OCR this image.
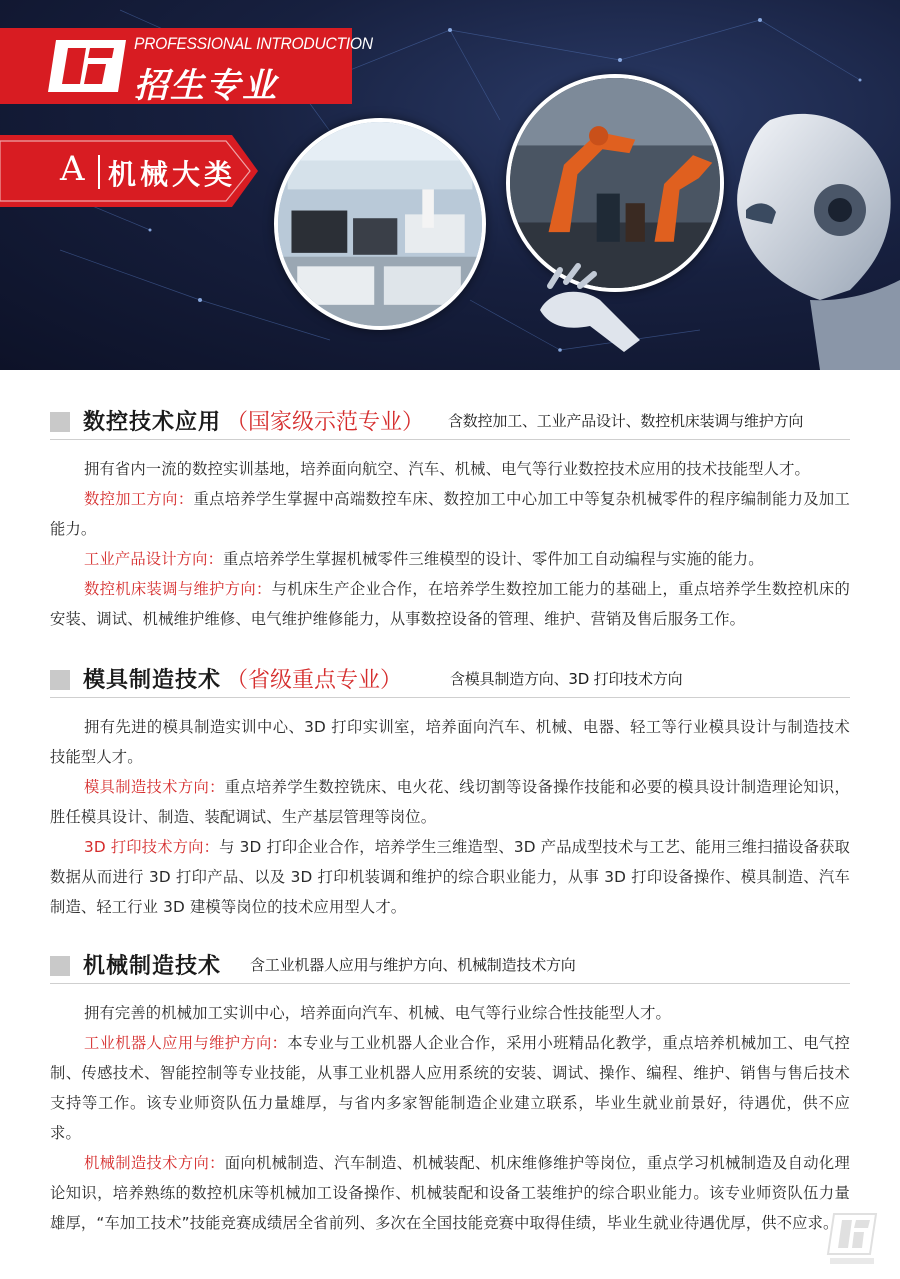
PROFESSIONAL INTRODUCTION
招生专业
A 机械大类
数控技术应用 （国家级示范专业） 含数控加工、工业产品设计、数控机床装调与维护方向

拥有省内一流的数控实训基地，培养面向航空、汽车、机械、电气等行业数控技术应用的技术技能型人才。

数控加工方向：重点培养学生掌握中高端数控车床、数控加工中心加工中等复杂机械零件的程序编制能力及加工能力。

工业产品设计方向：重点培养学生掌握机械零件三维模型的设计、零件加工自动编程与实施的能力。

数控机床装调与维护方向：与机床生产企业合作，在培养学生数控加工能力的基础上，重点培养学生数控机床的安装、调试、机械维护维修、电气维护维修能力，从事数控设备的管理、维护、营销及售后服务工作。

模具制造技术 （省级重点专业）	含模具制造方向、3D 打印技术方向

拥有先进的模具制造实训中心、3D 打印实训室，培养面向汽车、机械、电器、轻工等行业模具设计与制造技术技能型人才。

模具制造技术方向：重点培养学生数控铣床、电火花、线切割等设备操作技能和必要的模具设计制造理论知识，胜任模具设计、制造、装配调试、生产基层管理等岗位。

3D 打印技术方向：与 3D 打印企业合作，培养学生三维造型、3D 产品成型技术与工艺、能用三维扫描设备获取数据从而进行 3D 打印产品、以及 3D 打印机装调和维护的综合职业能力，从事 3D 打印设备操作、模具制造、汽车制造、轻工行业 3D 建模等岗位的技术应用型人才。

机械制造技术 含工业机器人应用与维护方向、机械制造技术方向

拥有完善的机械加工实训中心，培养面向汽车、机械、电气等行业综合性技能型人才。

工业机器人应用与维护方向：本专业与工业机器人企业合作，采用小班精品化教学，重点培养机械加工、电气控制、传感技术、智能控制等专业技能，从事工业机器人应用系统的安装、调试、操作、编程、维护、销售与售后技术支持等工作。该专业师资队伍力量雄厚，与省内多家智能制造企业建立联系，毕业生就业前景好，待遇优，供不应求。

机械制造技术方向：面向机械制造、汽车制造、机械装配、机床维修维护等岗位，重点学习机械制造及自动化理论知识，培养熟练的数控机床等机械加工设备操作、机械装配和设备工装维护的综合职业能力。该专业师资队伍力量雄厚，“车加工技术”技能竞赛成绩居全省前列、多次在全国技能竞赛中取得佳绩，毕业生就业待遇优厚，供不应求。
